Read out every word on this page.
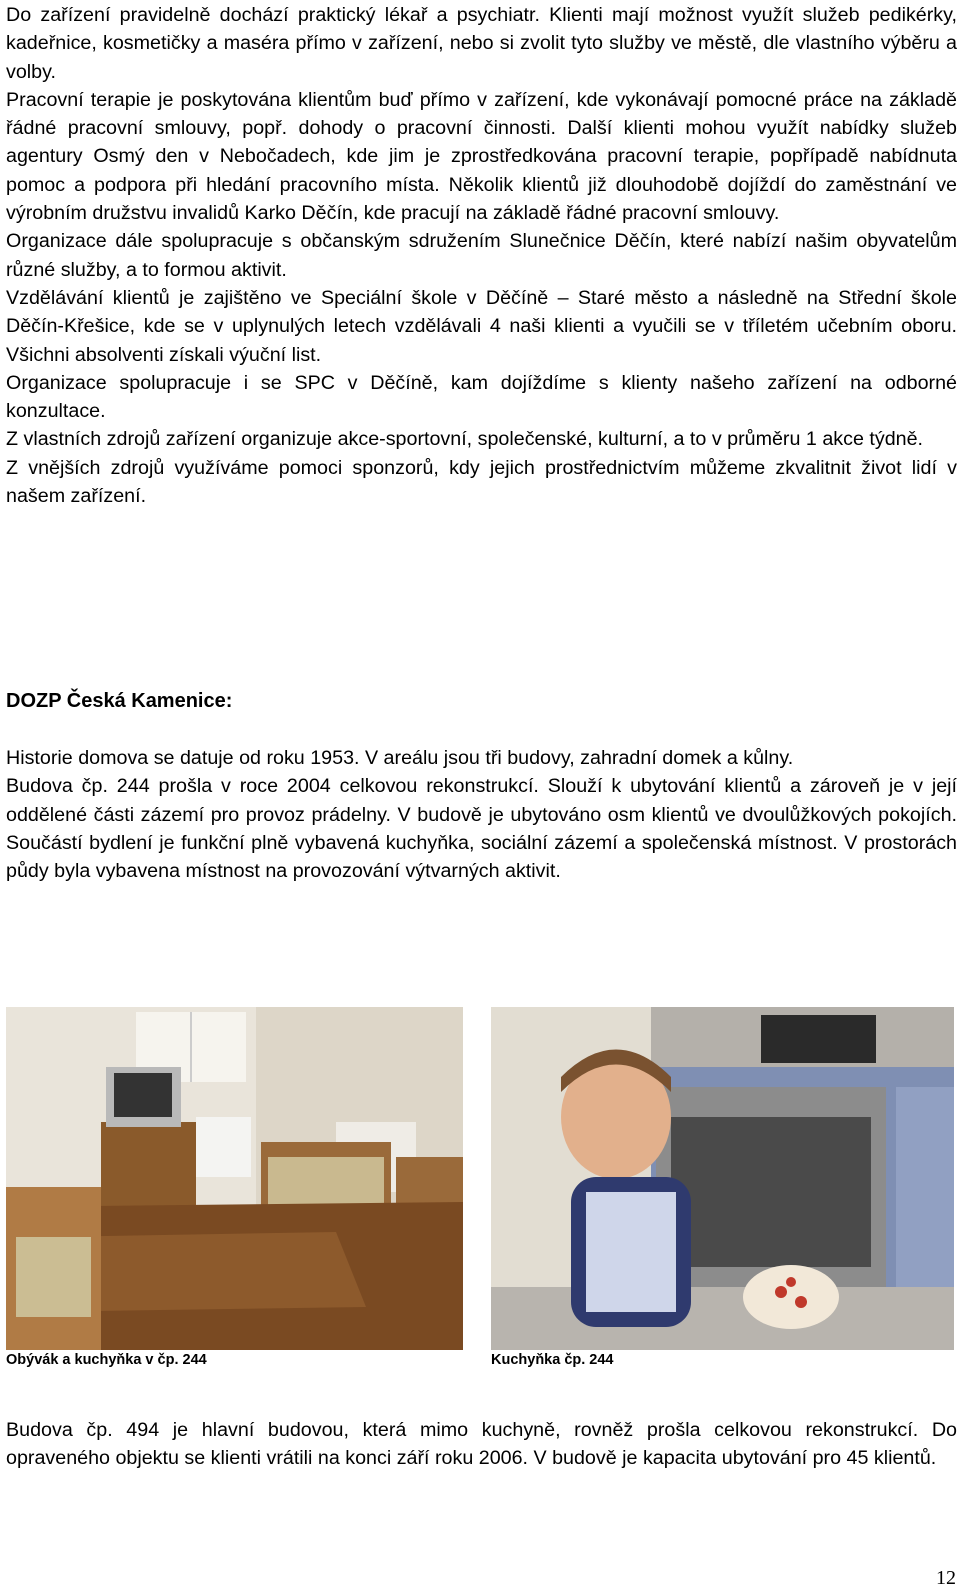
Do zařízení pravidelně dochází praktický lékař a psychiatr. Klienti mají možnost využít služeb pedikérky, kadeřnice, kosmetičky a maséra přímo v zařízení, nebo si zvolit tyto služby ve městě, dle vlastního výběru a volby.

Pracovní terapie je poskytována klientům buď přímo v zařízení, kde vykonávají pomocné práce na základě řádné pracovní smlouvy, popř. dohody o pracovní činnosti. Další klienti mohou využít nabídky služeb agentury Osmý den v Nebočadech, kde jim je zprostředkována pracovní terapie, popřípadě nabídnuta pomoc a podpora při hledání pracovního místa. Několik klientů již dlouhodobě dojíždí do zaměstnání ve výrobním družstvu invalidů Karko Děčín, kde pracují na základě řádné pracovní smlouvy.

Organizace dále spolupracuje s občanským sdružením Slunečnice Děčín, které nabízí našim obyvatelům různé služby, a to formou aktivit.

Vzdělávání klientů je zajištěno ve Speciální škole v Děčíně – Staré město a následně na Střední škole Děčín-Křešice, kde se v uplynulých letech vzdělávali 4 naši klienti a vyučili se v tříletém učebním oboru. Všichni absolventi získali výuční list.

Organizace spolupracuje i se SPC v Děčíně, kam dojíždíme s klienty našeho zařízení na odborné konzultace.

Z vlastních zdrojů zařízení organizuje akce-sportovní, společenské, kulturní, a to v průměru 1 akce týdně.

Z vnějších zdrojů využíváme pomoci sponzorů, kdy jejich prostřednictvím můžeme zkvalitnit život lidí v našem zařízení.

DOZP Česká Kamenice:

Historie domova se datuje od roku 1953. V areálu jsou tři budovy, zahradní domek a kůlny.

Budova čp. 244 prošla v roce 2004 celkovou rekonstrukcí. Slouží k ubytování klientů a zároveň je v její oddělené části zázemí pro provoz prádelny. V budově je ubytováno osm klientů ve dvoulůžkových pokojích. Součástí bydlení je funkční plně vybavená kuchyňka, sociální zázemí a společenská místnost. V prostorách půdy byla vybavena místnost na provozování výtvarných aktivit.

Obývák a kuchyňka v čp. 244	Kuchyňka čp. 244

Budova čp. 494 je hlavní budovou, která mimo kuchyně, rovněž prošla celkovou rekonstrukcí. Do opraveného objektu se klienti vrátili na konci září roku 2006. V budově je kapacita ubytování pro 45 klientů.

12
